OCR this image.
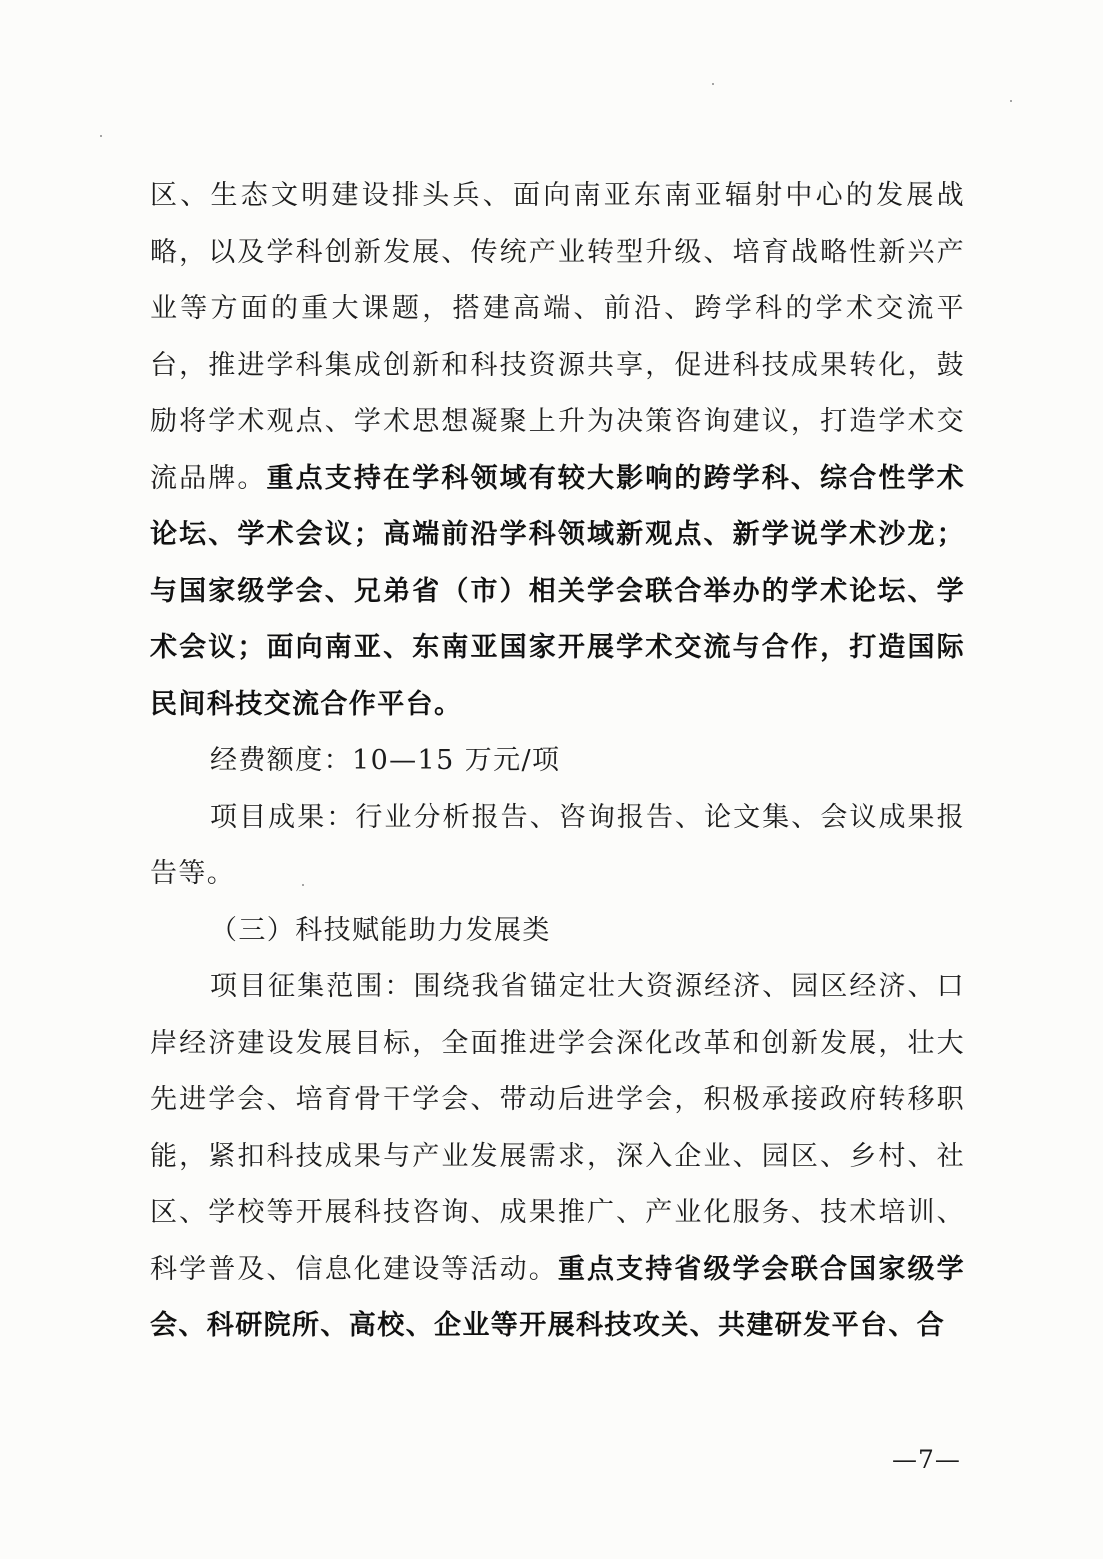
区、生态文明建设排头兵、面向南亚东南亚辐射中心的发展战略，以及学科创新发展、传统产业转型升级、培育战略性新兴产业等方面的重大课题，搭建高端、前沿、跨学科的学术交流平台，推进学科集成创新和科技资源共享，促进科技成果转化，鼓励将学术观点、学术思想凝聚上升为决策咨询建议，打造学术交流品牌。重点支持在学科领域有较大影响的跨学科、综合性学术论坛、学术会议；高端前沿学科领域新观点、新学说学术沙龙；与国家级学会、兄弟省（市）相关学会联合举办的学术论坛、学术会议；面向南亚、东南亚国家开展学术交流与合作，打造国际民间科技交流合作平台。

经费额度：10—15 万元/项

项目成果：行业分析报告、咨询报告、论文集、会议成果报告等。

（三）科技赋能助力发展类

项目征集范围：围绕我省锚定壮大资源经济、园区经济、口岸经济建设发展目标，全面推进学会深化改革和创新发展，壮大先进学会、培育骨干学会、带动后进学会，积极承接政府转移职能，紧扣科技成果与产业发展需求，深入企业、园区、乡村、社区、学校等开展科技咨询、成果推广、产业化服务、技术培训、科学普及、信息化建设等活动。重点支持省级学会联合国家级学会、科研院所、高校、企业等开展科技攻关、共建研发平台、合

—7—
